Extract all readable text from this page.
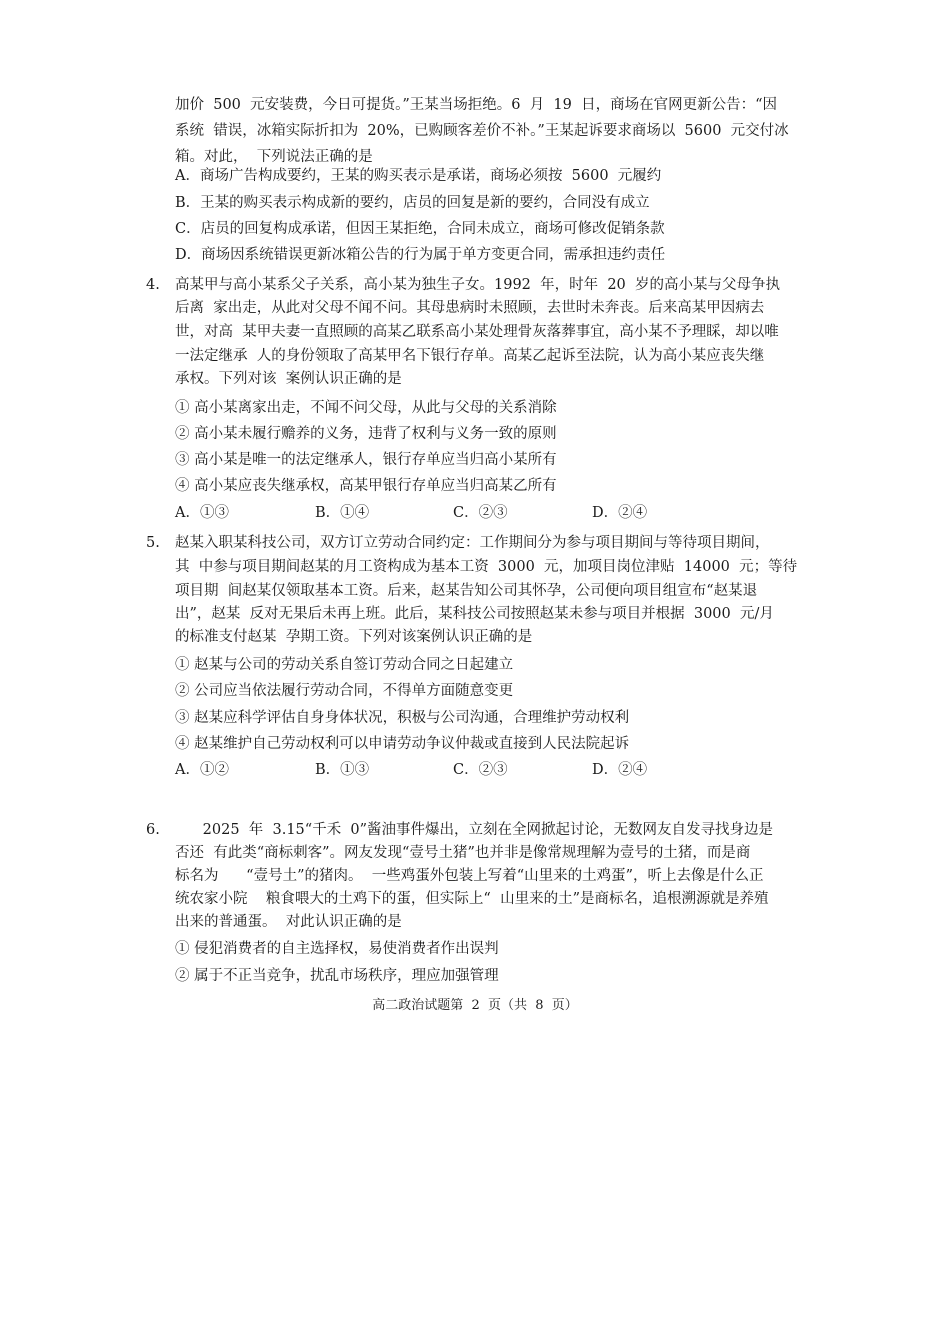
加价  500  元安装费，今日可提货。”王某当场拒绝。6  月  19  日，商场在官网更新公告：“因
系统  错误，冰箱实际折扣为  20%，已购顾客差价不补。”王某起诉要求商场以  5600  元交付冰
箱。对此，  下列说法正确的是
A．商场广告构成要约，王某的购买表示是承诺，商场必须按  5600  元履约
B．王某的购买表示构成新的要约，店员的回复是新的要约，合同没有成立
C．店员的回复构成承诺，但因王某拒绝，合同未成立，商场可修改促销条款
D．商场因系统错误更新冰箱公告的行为属于单方变更合同，需承担违约责任
4. 高某甲与高小某系父子关系，高小某为独生子女。1992  年，时年  20  岁的高小某与父母争执
后离  家出走，从此对父母不闻不问。其母患病时未照顾，去世时未奔丧。后来高某甲因病去
世，对高  某甲夫妻一直照顾的高某乙联系高小某处理骨灰落葬事宜，高小某不予理睬，却以唯
一法定继承  人的身份领取了高某甲名下银行存单。高某乙起诉至法院，认为高小某应丧失继
承权。下列对该  案例认识正确的是
① 高小某离家出走，不闻不问父母，从此与父母的关系消除
② 高小某未履行赡养的义务，违背了权利与义务一致的原则
③ 高小某是唯一的法定继承人，银行存单应当归高小某所有
④ 高小某应丧失继承权，高某甲银行存单应当归高某乙所有
A．①③	B．①④	C．②③	D．②④
5. 赵某入职某科技公司，双方订立劳动合同约定：工作期间分为参与项目期间与等待项目期间，
其  中参与项目期间赵某的月工资构成为基本工资  3000  元，加项目岗位津贴  14000  元；等待
项目期  间赵某仅领取基本工资。后来，赵某告知公司其怀孕，公司便向项目组宣布“赵某退
出”，赵某  反对无果后未再上班。此后，某科技公司按照赵某未参与项目并根据  3000  元/月
的标准支付赵某  孕期工资。下列对该案例认识正确的是
① 赵某与公司的劳动关系自签订劳动合同之日起建立
② 公司应当依法履行劳动合同，不得单方面随意变更
③ 赵某应科学评估自身身体状况，积极与公司沟通，合理维护劳动权利
④ 赵某维护自己劳动权利可以申请劳动争议仲裁或直接到人民法院起诉
A．①②	B．①③	C．②③	D．②④
6. 2025  年  3.15“千禾  0”酱油事件爆出，立刻在全网掀起讨论，无数网友自发寻找身边是
否还  有此类“商标刺客”。网友发现“壹号土猪”也并非是像常规理解为壹号的土猪，而是商
标名为      “壹号土”的猪肉。  一些鸡蛋外包装上写着“山里来的土鸡蛋”，听上去像是什么正
统农家小院    粮食喂大的土鸡下的蛋，但实际上“  山里来的土”是商标名，追根溯源就是养殖
出来的普通蛋。  对此认识正确的是
① 侵犯消费者的自主选择权，易使消费者作出误判
② 属于不正当竞争，扰乱市场秩序，理应加强管理
高二政治试题第  2  页（共  8  页）
